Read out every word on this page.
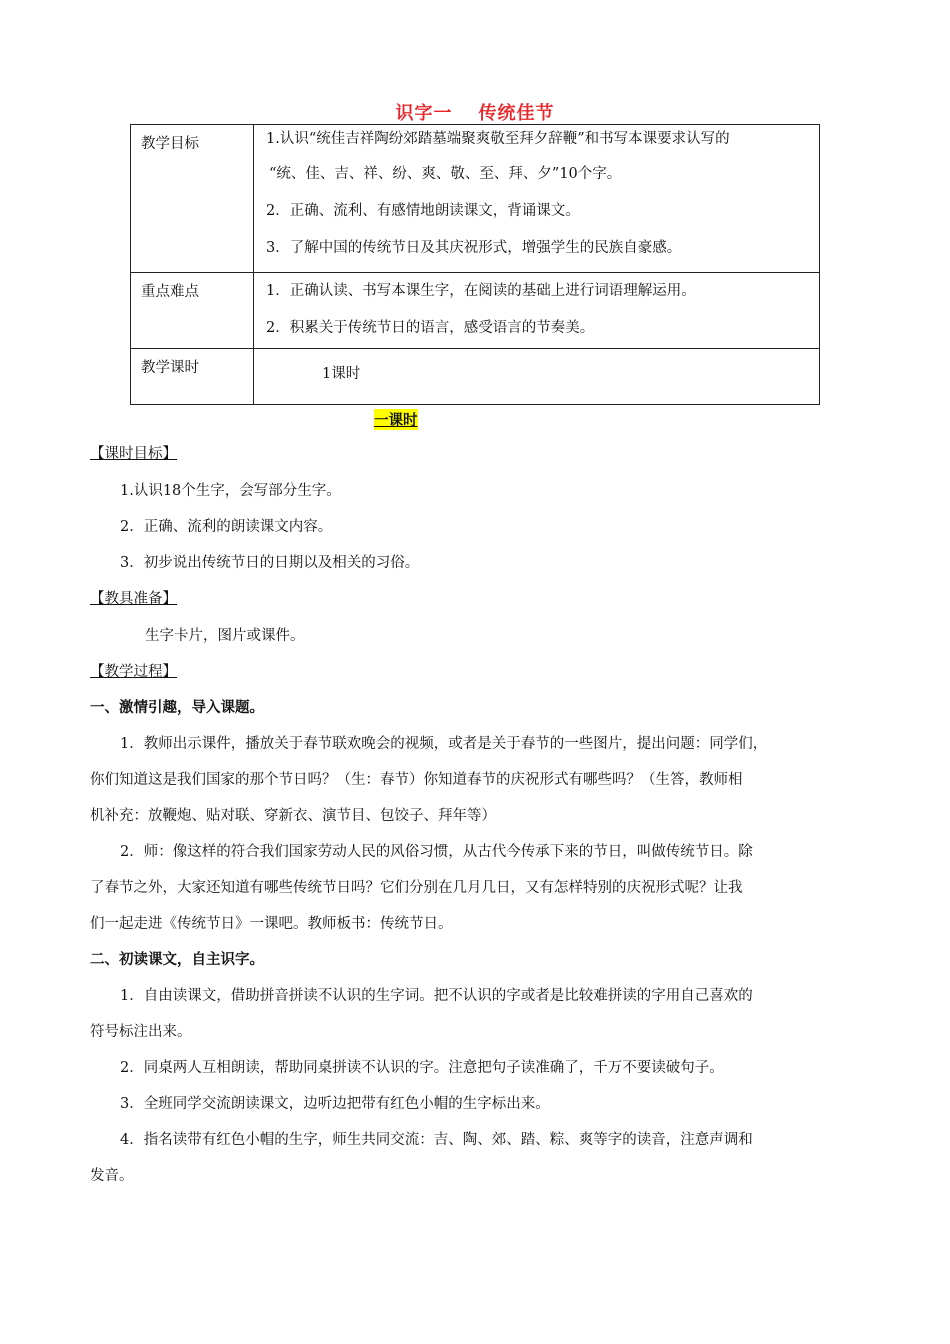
识字一 传统佳节
教学目标	1.认识“统佳吉祥陶纷郊踏墓端聚爽敬至拜夕辞鞭”和书写本课要求认写的

“统、佳、吉、祥、纷、爽、敬、至、拜、夕”10个字。

2．正确、流利、有感情地朗读课文，背诵课文。

3．了解中国的传统节日及其庆祝形式，增强学生的民族自豪感。

重点难点	1．正确认读、书写本课生字，在阅读的基础上进行词语理解运用。

2．积累关于传统节日的语言，感受语言的节奏美。

教学课时	1课时

一课时

【课时目标】

1.认识18个生字，会写部分生字。

2．正确、流利的朗读课文内容。

3．初步说出传统节日的日期以及相关的习俗。

【教具准备】

生字卡片，图片或课件。

【教学过程】

一、激情引趣，导入课题。

1．教师出示课件，播放关于春节联欢晚会的视频，或者是关于春节的一些图片，提出问题：同学们，

你们知道这是我们国家的那个节日吗？（生：春节）你知道春节的庆祝形式有哪些吗？（生答，教师相

机补充：放鞭炮、贴对联、穿新衣、演节目、包饺子、拜年等）

2．师：像这样的符合我们国家劳动人民的风俗习惯，从古代今传承下来的节日，叫做传统节日。除

了春节之外，大家还知道有哪些传统节日吗？它们分别在几月几日，又有怎样特别的庆祝形式呢？让我

们一起走进《传统节日》一课吧。教师板书：传统节日。

二、初读课文，自主识字。

1．自由读课文，借助拼音拼读不认识的生字词。把不认识的字或者是比较难拼读的字用自己喜欢的

符号标注出来。

2．同桌两人互相朗读，帮助同桌拼读不认识的字。注意把句子读准确了，千万不要读破句子。

3．全班同学交流朗读课文，边听边把带有红色小帽的生字标出来。

4．指名读带有红色小帽的生字，师生共同交流：吉、陶、郊、踏、粽、爽等字的读音，注意声调和

发音。
